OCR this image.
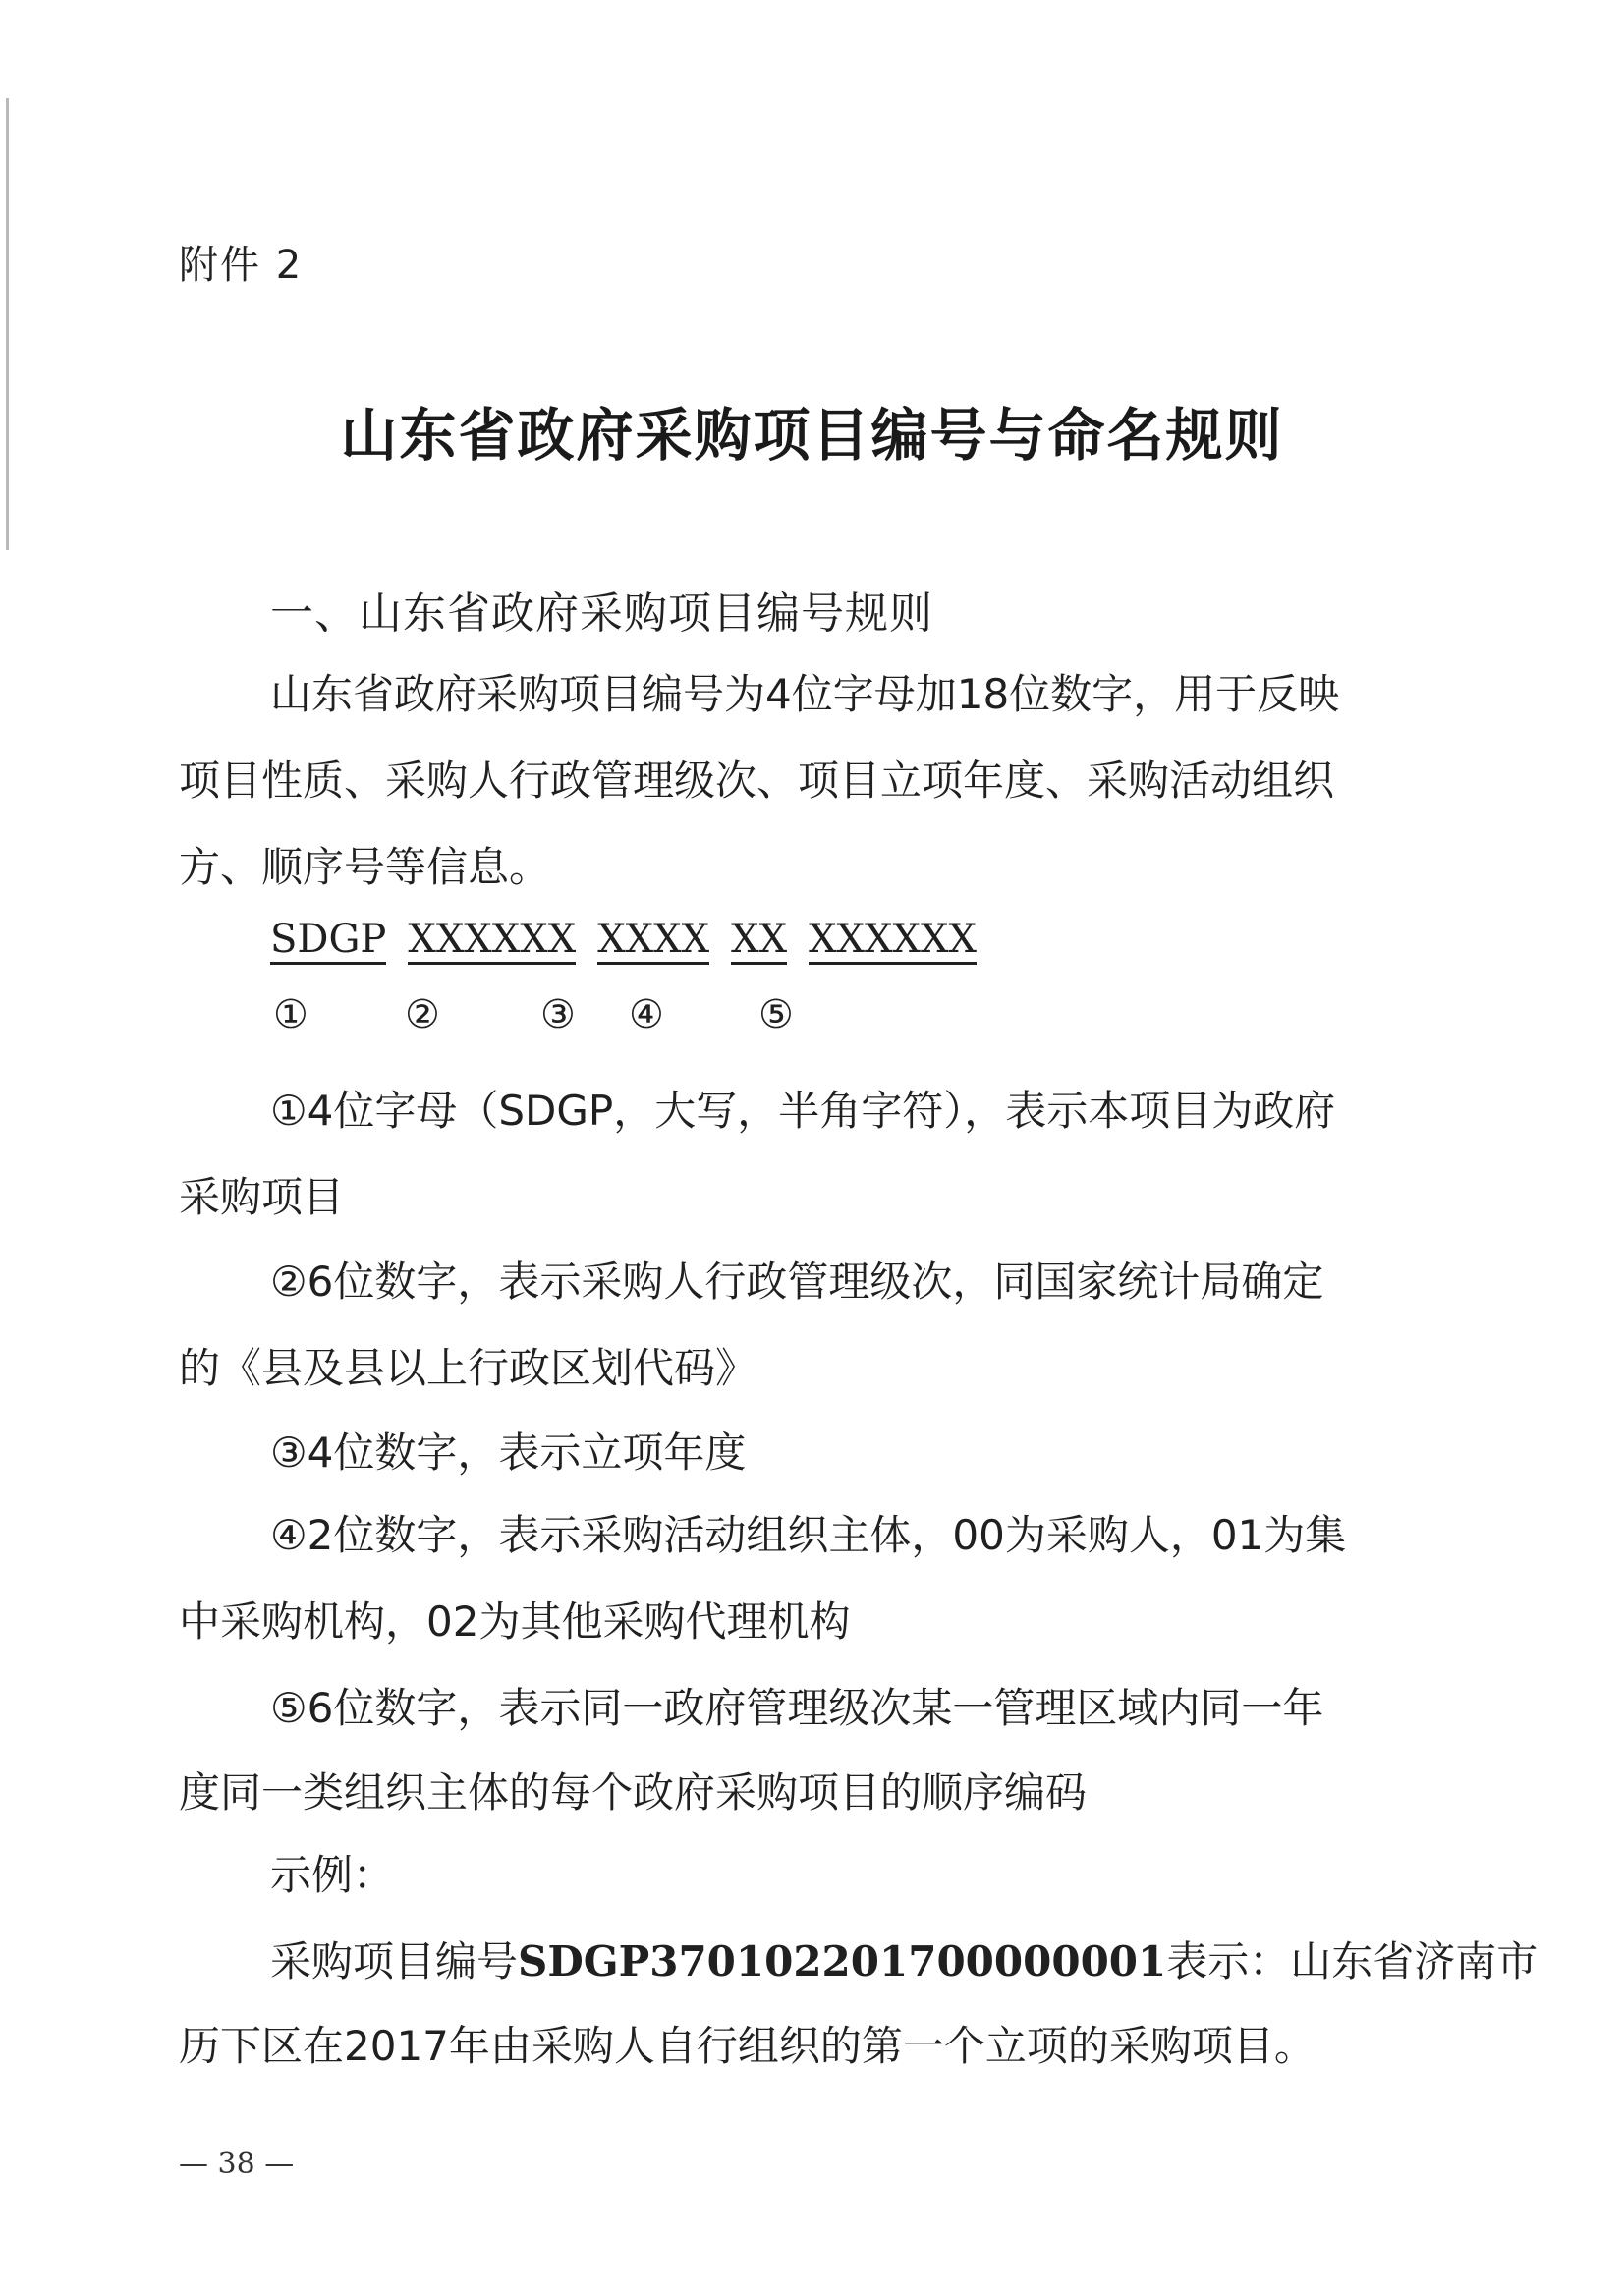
附件 2
山东省政府采购项目编号与命名规则
一、山东省政府采购项目编号规则
山东省政府采购项目编号为4位字母加18位数字，用于反映
项目性质、采购人行政管理级次、项目立项年度、采购活动组织
方、顺序号等信息。
SDGP XXXXXX XXXX XX XXXXXX
① ②	③ ④ ⑤
①4位字母（SDGP，大写，半角字符），表示本项目为政府
采购项目
②6位数字，表示采购人行政管理级次，同国家统计局确定
的《县及县以上行政区划代码》
③4位数字，表示立项年度
④2位数字，表示采购活动组织主体，00为采购人，01为集
中采购机构，02为其他采购代理机构
⑤6位数字，表示同一政府管理级次某一管理区域内同一年
度同一类组织主体的每个政府采购项目的顺序编码
示例：
采购项目编号SDGP370102201700000001表示：山东省济南市
历下区在2017年由采购人自行组织的第一个立项的采购项目。
— 38 —
